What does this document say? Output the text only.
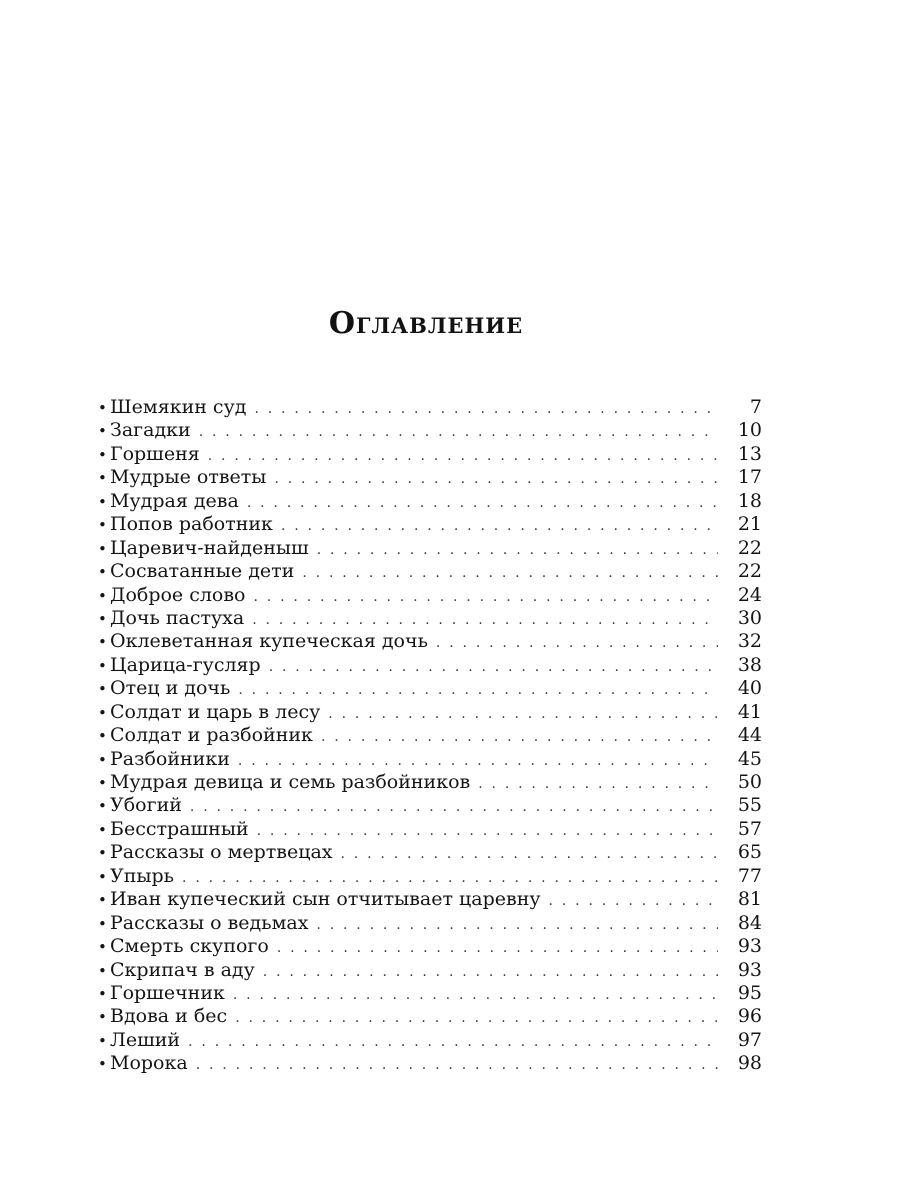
Оглавление
• Шемякин суд . . .	7
• Загадки . . .	10
• Горшеня . . .	13
• Мудрые ответы . . .	17
• Мудрая дева . . .	18
• Попов работник . . .	21
• Царевич-найденыш . . .	22
• Сосватанные дети . . .	22
• Доброе слово . . .	24
• Дочь пастуха . . .	30
• Оклеветанная купеческая дочь . . .	32
• Царица-гусляр . . .	38
• Отец и дочь . . .	40
• Солдат и царь в лесу . . .	41
• Солдат и разбойник . . .	44
• Разбойники . . .	45
• Мудрая девица и семь разбойников . . .	50
• Убогий . . .	55
• Бесстрашный . . .	57
• Рассказы о мертвецах . . .	65
• Упырь . . .	77
• Иван купеческий сын отчитывает царевну . . .	81
• Рассказы о ведьмах . . .	84
• Смерть скупого . . .	93
• Скрипач в аду . . .	93
• Горшечник . . .	95
• Вдова и бес . . .	96
• Леший . . .	97
• Морока . . .	98
